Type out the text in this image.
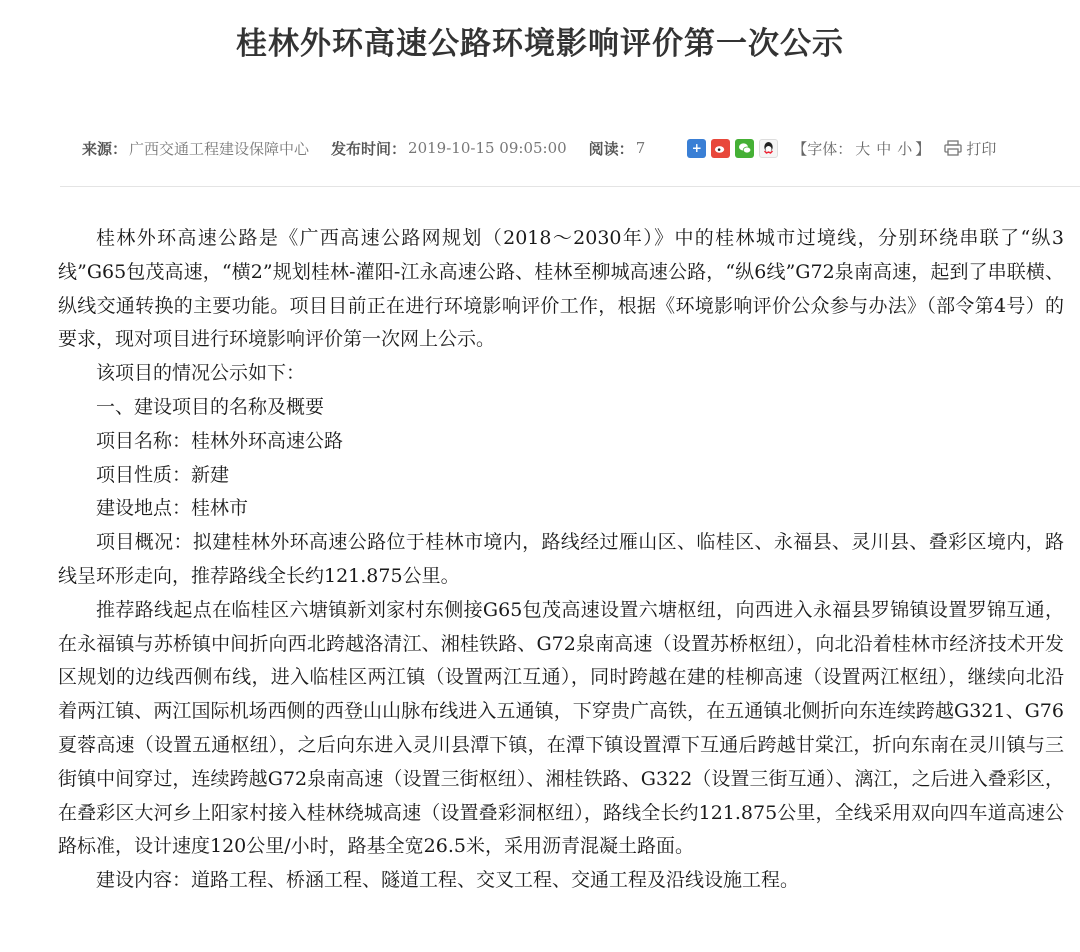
桂林外环高速公路环境影响评价第一次公示
来源： 广西交通工程建设保障中心 发布时间： 2019-10-15 09:05:00 阅读： 7	+	【字体： 大 中 小 】 打印

桂林外环高速公路是《广西高速公路网规划（2018～2030年）》中的桂林城市过境线，分别环绕串联了“纵3线”G65包茂高速，“横2”规划桂林-灌阳-江永高速公路、桂林至柳城高速公路，“纵6线”G72泉南高速，起到了串联横、纵线交通转换的主要功能。项目目前正在进行环境影响评价工作，根据《环境影响评价公众参与办法》（部令第4号）的要求，现对项目进行环境影响评价第一次网上公示。

该项目的情况公示如下：

一、建设项目的名称及概要

项目名称：桂林外环高速公路

项目性质：新建

建设地点：桂林市

项目概况：拟建桂林外环高速公路位于桂林市境内，路线经过雁山区、临桂区、永福县、灵川县、叠彩区境内，路线呈环形走向，推荐路线全长约121.875公里。

推荐路线起点在临桂区六塘镇新刘家村东侧接G65包茂高速设置六塘枢纽，向西进入永福县罗锦镇设置罗锦互通，在永福镇与苏桥镇中间折向西北跨越洛清江、湘桂铁路、G72泉南高速（设置苏桥枢纽），向北沿着桂林市经济技术开发区规划的边线西侧布线，进入临桂区两江镇（设置两江互通），同时跨越在建的桂柳高速（设置两江枢纽），继续向北沿着两江镇、两江国际机场西侧的西登山山脉布线进入五通镇，下穿贵广高铁，在五通镇北侧折向东连续跨越G321、G76夏蓉高速（设置五通枢纽），之后向东进入灵川县潭下镇，在潭下镇设置潭下互通后跨越甘棠江，折向东南在灵川镇与三街镇中间穿过，连续跨越G72泉南高速（设置三街枢纽）、湘桂铁路、G322（设置三街互通）、漓江，之后进入叠彩区，在叠彩区大河乡上阳家村接入桂林绕城高速（设置叠彩洞枢纽），路线全长约121.875公里，全线采用双向四车道高速公路标准，设计速度120公里/小时，路基全宽26.5米，采用沥青混凝土路面。

建设内容：道路工程、桥涵工程、隧道工程、交叉工程、交通工程及沿线设施工程。
